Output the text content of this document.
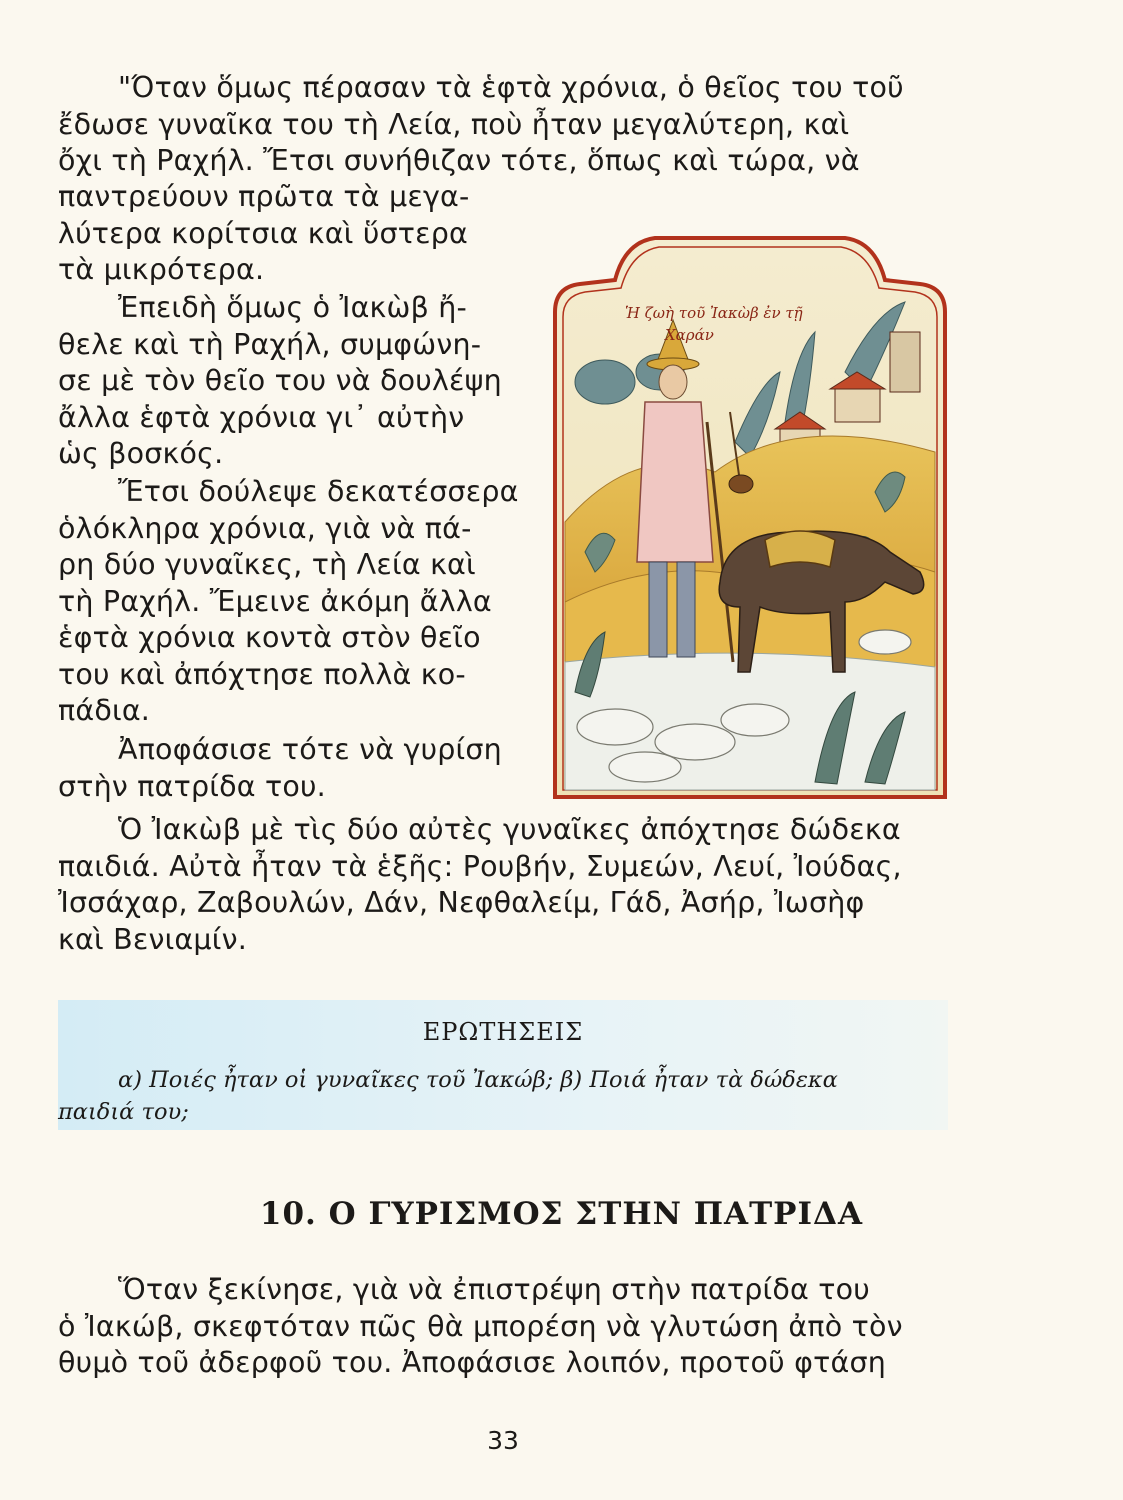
"Όταν ὅμως πέρασαν τὰ ἑφτὰ χρόνια, ὁ θεῖος του τοῦ
ἔδωσε γυναῖκα του τὴ Λεία, ποὺ ἦταν μεγαλύτερη, καὶ
ὄχι τὴ Ραχήλ. Ἔτσι συνήθιζαν τότε, ὅπως καὶ τώρα, νὰ

παντρεύουν πρῶτα τὰ μεγα-
λύτερα κορίτσια καὶ ὕστερα
τὰ μικρότερα.

Ἐπειδὴ ὅμως ὁ Ἰακὼβ ἤ-
θελε καὶ τὴ Ραχήλ, συμφώνη-
σε μὲ τὸν θεῖο του νὰ δουλέψη
ἄλλα ἑφτὰ χρόνια γι᾽ αὐτὴν
ὡς βοσκός.

Ἔτσι δούλεψε δεκατέσσερα
ὁλόκληρα χρόνια, γιὰ νὰ πά-
ρη δύο γυναῖκες, τὴ Λεία καὶ
τὴ Ραχήλ. Ἔμεινε ἀκόμη ἄλλα
ἑφτὰ χρόνια κοντὰ στὸν θεῖο
του καὶ ἀπόχτησε πολλὰ κο-
πάδια.

Ἀποφάσισε τότε νὰ γυρίση
στὴν πατρίδα του.

Ὁ Ἰακὼβ μὲ τὶς δύο αὐτὲς γυναῖκες ἀπόχτησε δώδεκα
παιδιά. Αὐτὰ ἦταν τὰ ἑξῆς: Ρουβήν, Συμεών, Λευί, Ἰούδας,
Ἰσσάχαρ, Ζαβουλών, Δάν, Νεφθαλείμ, Γάδ, Ἀσήρ, Ἰωσὴφ
καὶ Βενιαμίν.

Ἡ ζωὴ τοῦ Ἰακὼβ ἐν τῇ
Χαράν
ΕΡΩΤΗΣΕΙΣ
α) Ποιές ἦταν οἱ γυναῖκες τοῦ Ἰακώβ; β) Ποιά ἦταν τὰ δώδεκα
παιδιά του;
10. Ο ΓΥΡΙΣΜΟΣ ΣΤΗΝ ΠΑΤΡΙΔΑ

Ὅταν ξεκίνησε, γιὰ νὰ ἐπιστρέψη στὴν πατρίδα του
ὁ Ἰακώβ, σκεφτόταν πῶς θὰ μπορέση νὰ γλυτώση ἀπὸ τὸν
θυμὸ τοῦ ἀδερφοῦ του. Ἀποφάσισε λοιπόν, προτοῦ φτάση

33
